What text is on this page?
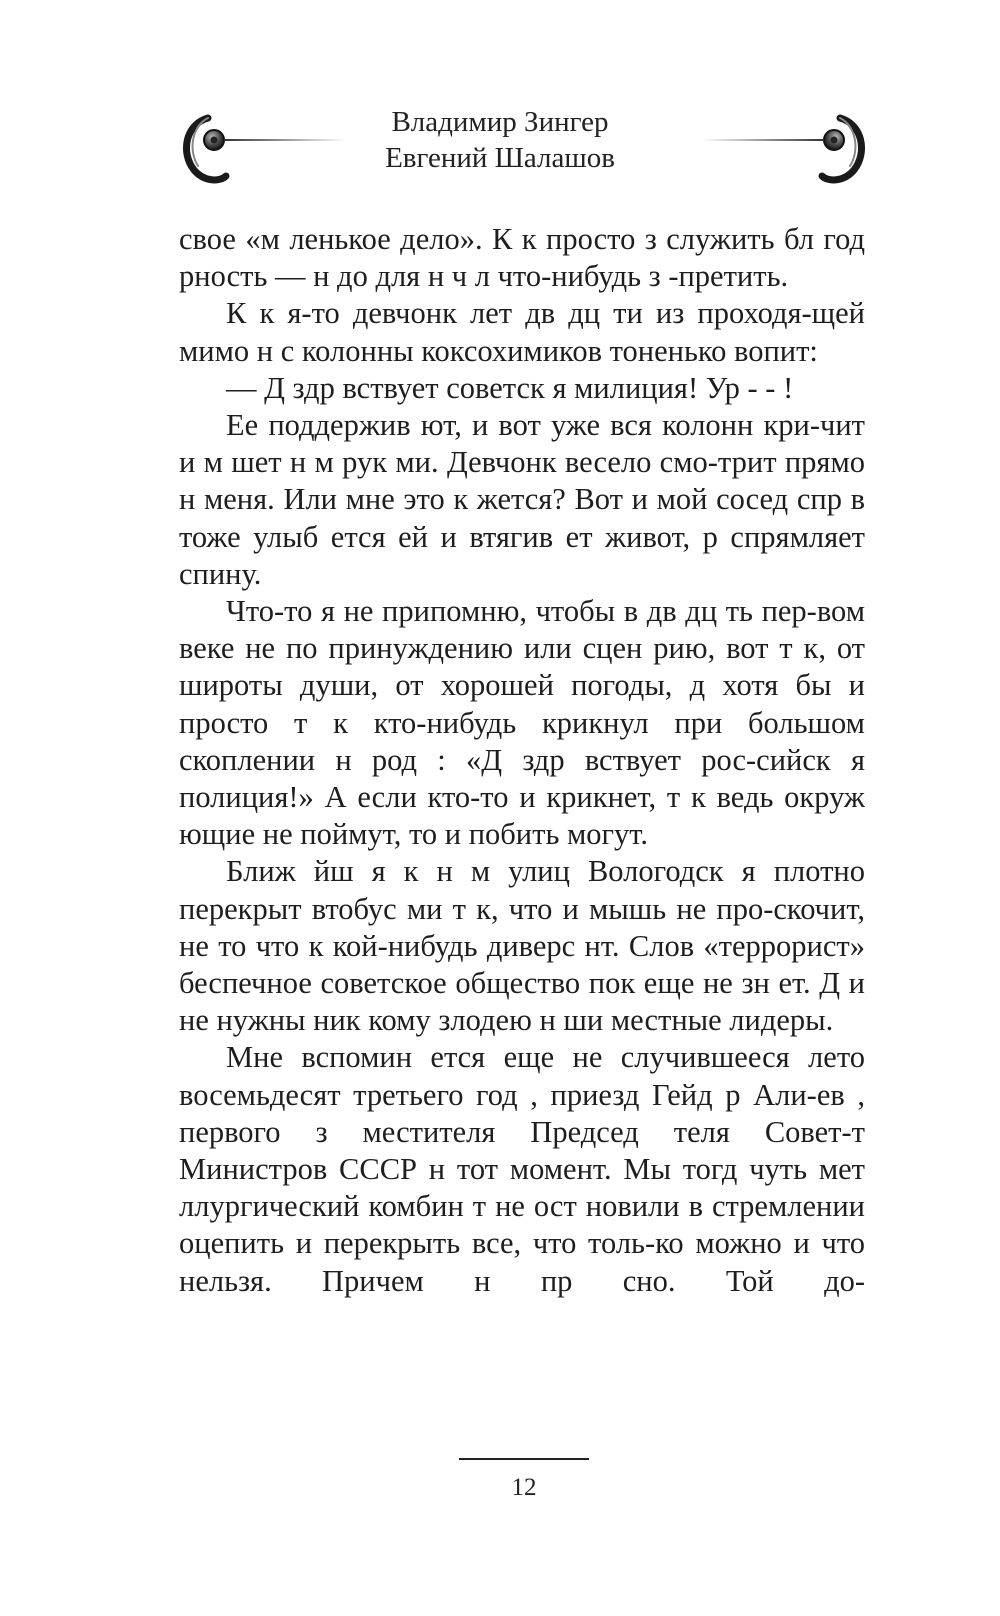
Владимир Зингер
Евгений Шалашов

свое «м ленькое дело». К к просто з служить бл год рность — н до для н ч л что-нибудь з -претить.

К к я-то девчонк лет дв дц ти из проходя-щей мимо н с колонны коксохимиков тоненько вопит:

— Д здр вствует советск я милиция! Ур - - !

Ее поддержив ют, и вот уже вся колонн кри-чит и м шет н м рук ми. Девчонк весело смо-трит прямо н меня. Или мне это к жется? Вот и мой сосед спр в тоже улыб ется ей и втягив ет живот, р спрямляет спину.

Что-то я не припомню, чтобы в дв дц ть пер-вом веке не по принуждению или сцен рию, вот т к, от широты души, от хорошей погоды, д хотя бы и просто т к кто-нибудь крикнул при большом скоплении н род : «Д здр вствует рос-сийск я полиция!» А если кто-то и крикнет, т к ведь окруж ющие не поймут, то и побить могут.

Ближ йш я к н м улиц Вологодск я плотно перекрыт втобус ми т к, что и мышь не про-скочит, не то что к кой-нибудь диверс нт. Слов «террорист» беспечное советское общество пок еще не зн ет. Д и не нужны ник кому злодею н ши местные лидеры.

Мне вспомин ется еще не случившееся лето восемьдесят третьего год , приезд Гейд р Али-ев , первого з местителя Председ теля Совет-т Министров СССР н тот момент. Мы тогд чуть мет ллургический комбин т не ост новили в стремлении оцепить и перекрыть все, что толь-ко можно и что нельзя. Причем н пр сно. Той до-

12
